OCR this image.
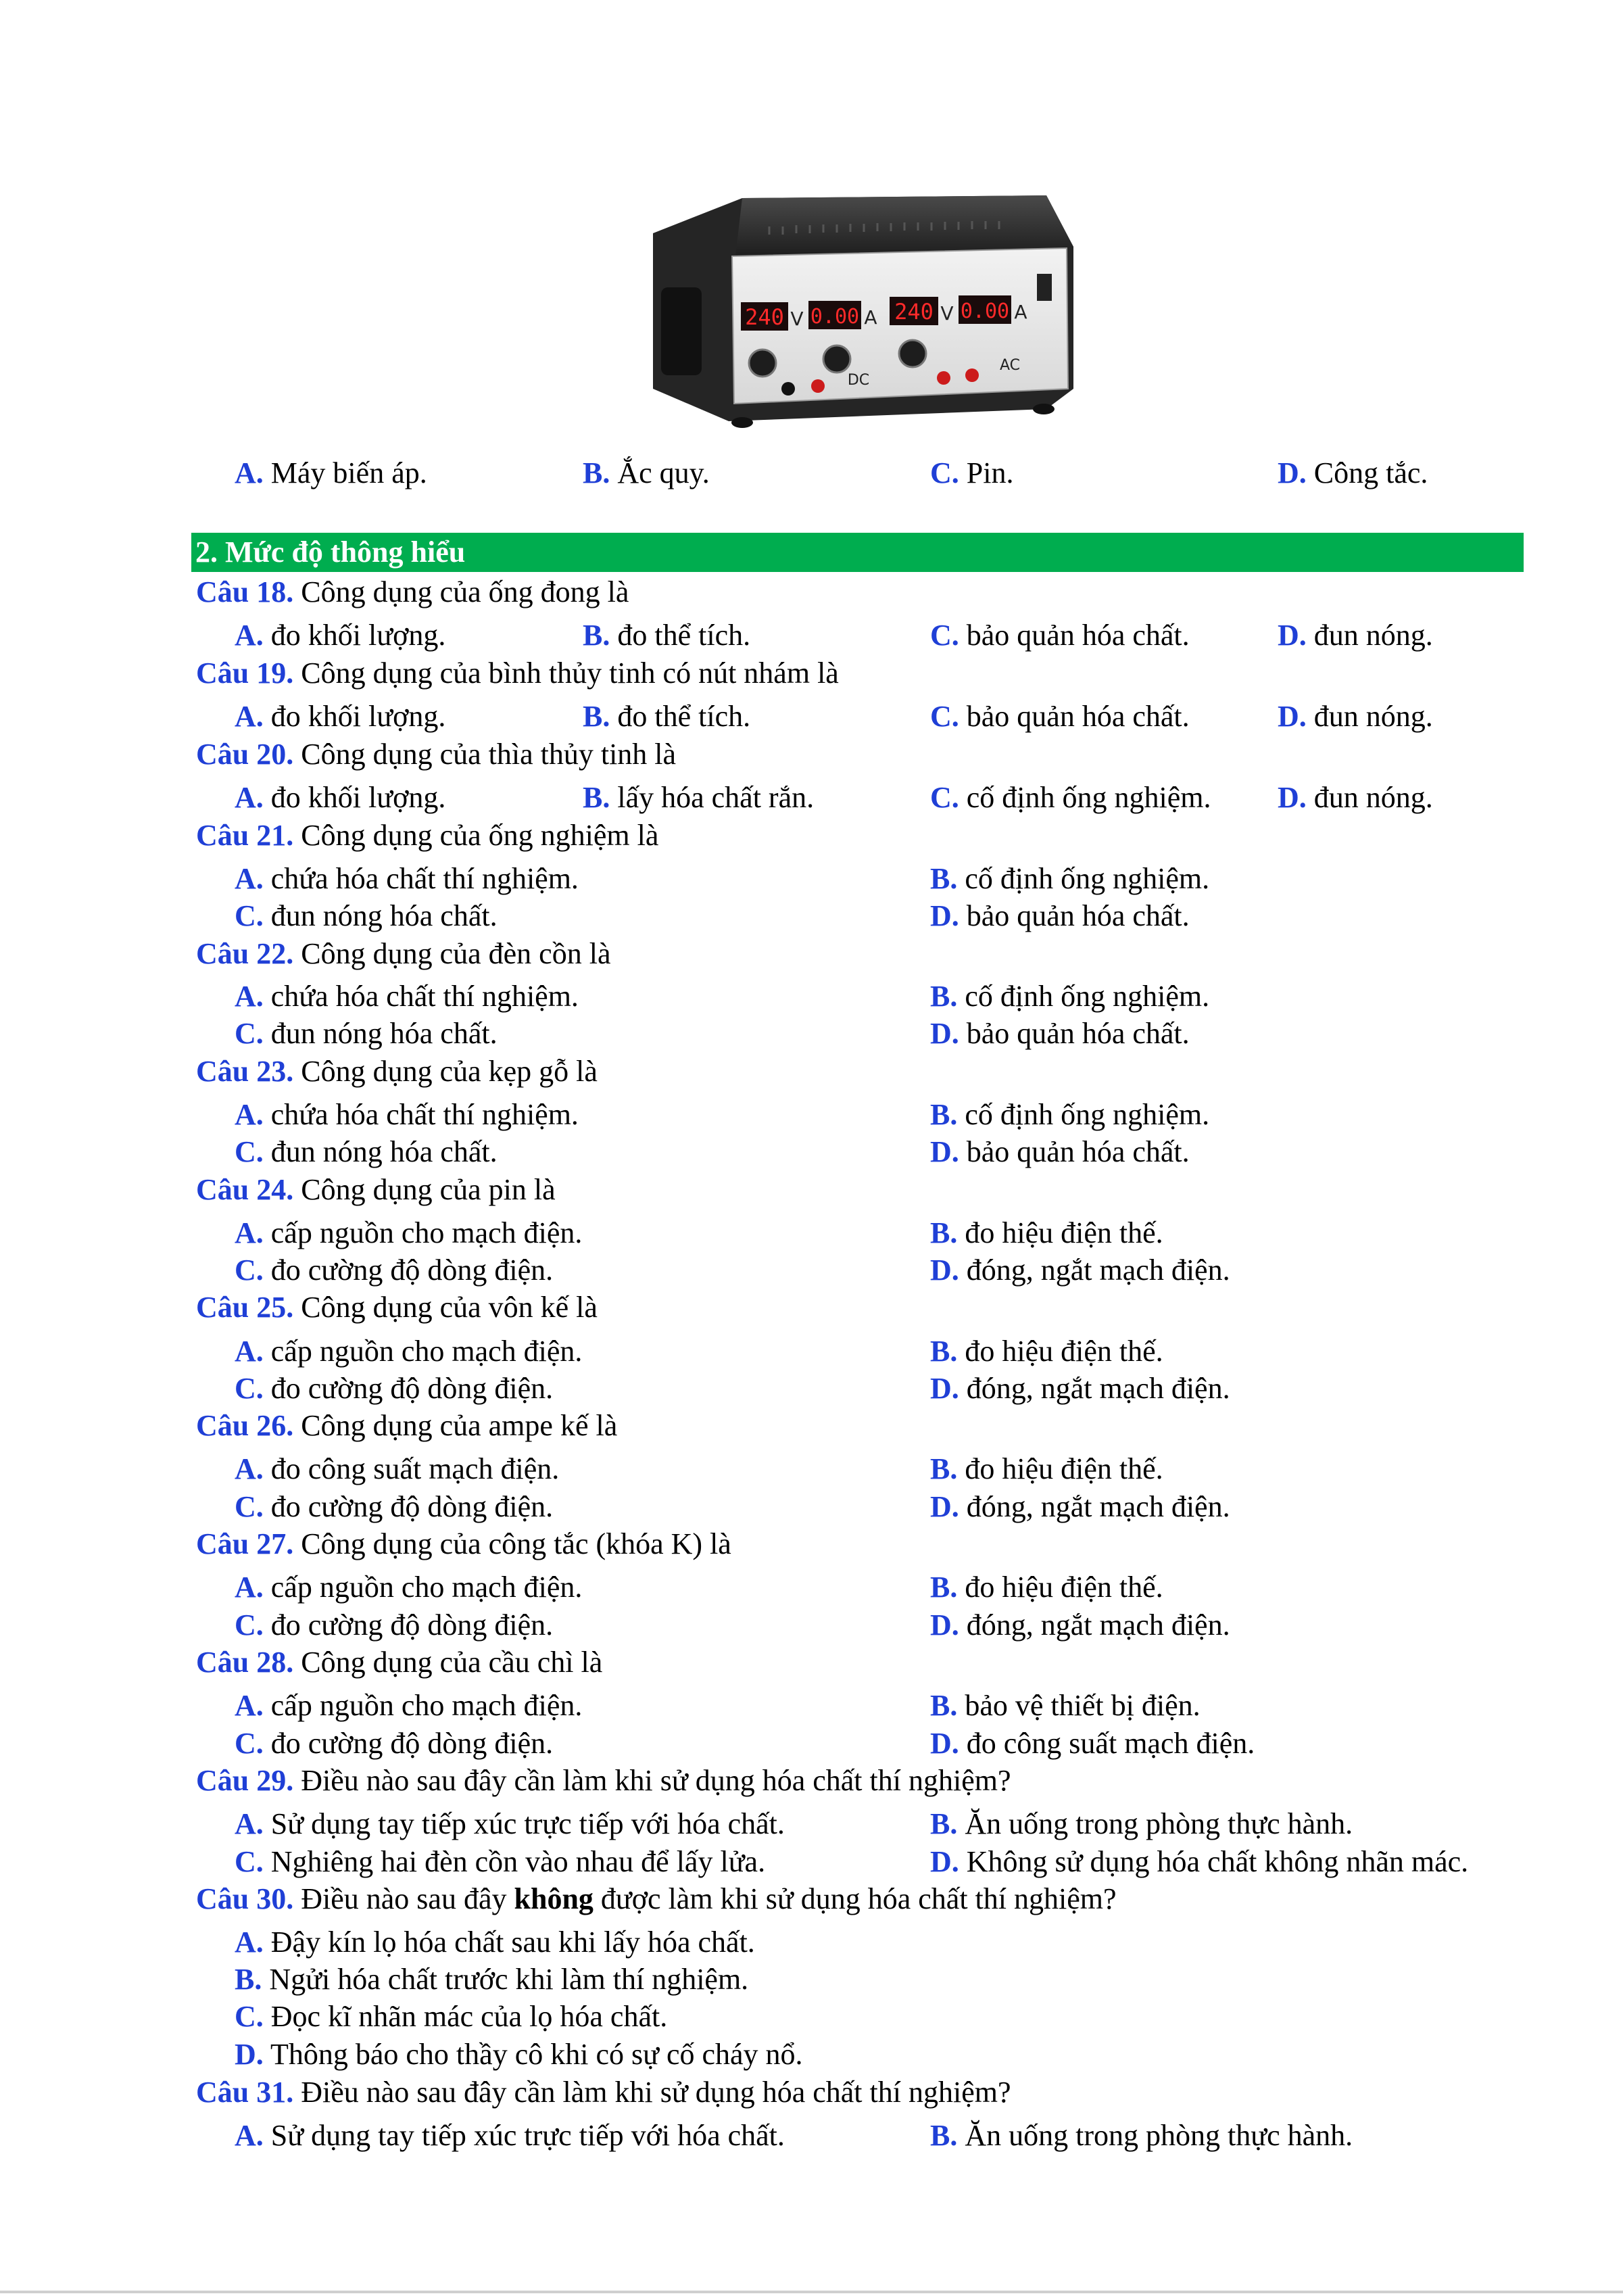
240 V 0.00 A 240 V 0.00 A
DC
AC
A. Máy biến áp.	B. Ắc quy.	C. Pin.	D. Công tắc.
2. Mức độ thông hiểu
Câu 18. Công dụng của ống đong là
A. đo khối lượng.	B. đo thể tích.	C. bảo quản hóa chất.	D. đun nóng.
Câu 19. Công dụng của bình thủy tinh có nút nhám là
A. đo khối lượng.	B. đo thể tích.	C. bảo quản hóa chất.	D. đun nóng.
Câu 20. Công dụng của thìa thủy tinh là
A. đo khối lượng.	B. lấy hóa chất rắn.	C. cố định ống nghiệm. D. đun nóng.
Câu 21. Công dụng của ống nghiệm là
A. chứa hóa chất thí nghiệm.	B. cố định ống nghiệm.
C. đun nóng hóa chất.	D. bảo quản hóa chất.
Câu 22. Công dụng của đèn cồn là
A. chứa hóa chất thí nghiệm.	B. cố định ống nghiệm.
C. đun nóng hóa chất.	D. bảo quản hóa chất.
Câu 23. Công dụng của kẹp gỗ là
A. chứa hóa chất thí nghiệm.	B. cố định ống nghiệm.
C. đun nóng hóa chất.	D. bảo quản hóa chất.
Câu 24. Công dụng của pin là
A. cấp nguồn cho mạch điện.	B. đo hiệu điện thế.
C. đo cường độ dòng điện.	D. đóng, ngắt mạch điện.
Câu 25. Công dụng của vôn kế là
A. cấp nguồn cho mạch điện.	B. đo hiệu điện thế.
C. đo cường độ dòng điện.	D. đóng, ngắt mạch điện.
Câu 26. Công dụng của ampe kế là
A. đo công suất mạch điện.	B. đo hiệu điện thế.
C. đo cường độ dòng điện.	D. đóng, ngắt mạch điện.
Câu 27. Công dụng của công tắc (khóa K) là
A. cấp nguồn cho mạch điện.	B. đo hiệu điện thế.
C. đo cường độ dòng điện.	D. đóng, ngắt mạch điện.
Câu 28. Công dụng của cầu chì là
A. cấp nguồn cho mạch điện.	B. bảo vệ thiết bị điện.
C. đo cường độ dòng điện.	D. đo công suất mạch điện.
Câu 29. Điều nào sau đây cần làm khi sử dụng hóa chất thí nghiệm?
A. Sử dụng tay tiếp xúc trực tiếp với hóa chất.	B. Ăn uống trong phòng thực hành.
C. Nghiêng hai đèn cồn vào nhau để lấy lửa.	D. Không sử dụng hóa chất không nhãn mác.
Câu 30. Điều nào sau đây không được làm khi sử dụng hóa chất thí nghiệm?
A. Đậy kín lọ hóa chất sau khi lấy hóa chất.
B. Ngửi hóa chất trước khi làm thí nghiệm.
C. Đọc kĩ nhãn mác của lọ hóa chất.
D. Thông báo cho thầy cô khi có sự cố cháy nổ.
Câu 31. Điều nào sau đây cần làm khi sử dụng hóa chất thí nghiệm?
A. Sử dụng tay tiếp xúc trực tiếp với hóa chất.	B. Ăn uống trong phòng thực hành.
